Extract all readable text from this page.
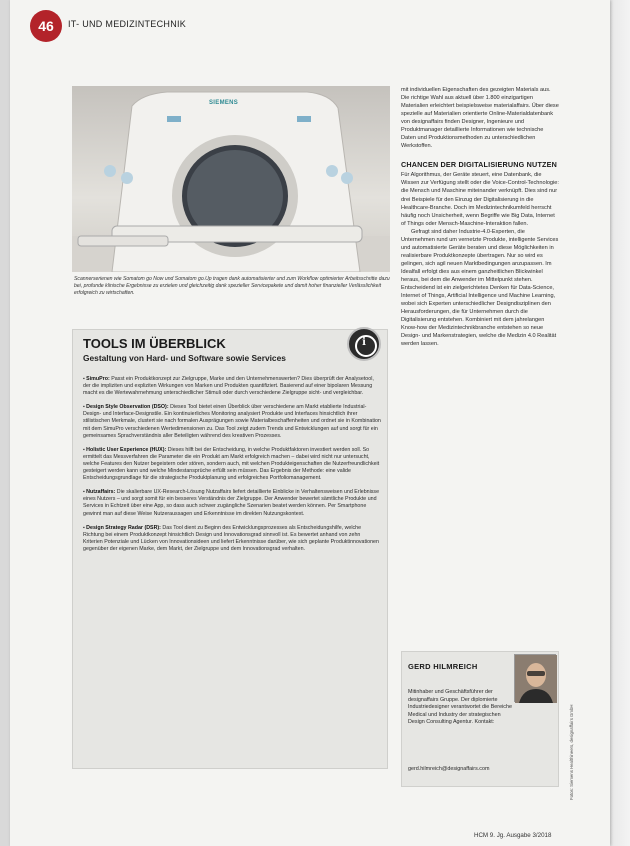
46	IT- UND MEDIZINTECHNIK
SIEMENS
Scannerserienen wie Somatom go Now und Somatom go.Up tragen dank automatisierter und zum Workflow optimierter Arbeitsschritte dazu bei, profunde klinische Ergebnisse zu erzielen und gleichzeitig dank spezieller Servicepakete und damit hoher finanzieller Verlässlichkeit erfolgreich zu wirtschaften.
TOOLS IM ÜBERBLICK
Gestaltung von Hard- und Software sowie Services
i
▪ SimuPro: Passt ein Produktkonzept zur Zielgruppe, Marke und den Unternehmenswerten? Dies überprüft der Analysetool, der die impliziten und expliziten Wirkungen von Marken und Produkten quantifiziert. Basierend auf einer bipolaren Messung macht es die Wertewahrnehmung unterschiedlicher Stimuli oder durch verschiedene Zielgruppe sicht- und vergleichbar.
▪ Design Style Observation (DSO): Dieses Tool bietet einen Überblick über verschiedene am Markt etablierte Industrial-Design- und Interface-Designstile. Ein kontinuierliches Monitoring analysiert Produkte und Interfaces hinsichtlich ihrer stilistischen Merkmale, clustert sie nach formalen Ausprägungen sowie Materialbeschaffenheiten und ordnet sie in Kombination mit dem SimuPro verschiedenen Wertedimensionen zu. Das Tool zeigt zudem Trends und Entwicklungen auf und sorgt für ein gemeinsames Sprachverständnis aller Beteiligten während des kreativen Prozesses.
▪ Holistic User Experience (HUX): Dieses hilft bei der Entscheidung, in welche Produktfaktoren investiert werden soll. So ermittelt das Messverfahren die Parameter die ein Produkt am Markt erfolgreich machen – dabei wird nicht nur untersucht, welche Features den Nutzer begeistern oder stören, sondern auch, mit welchen Produkteigenschaften die Nutzerfreundlichkeit gesteigert werden kann und welche Mindestansprüche erfüllt sein müssen. Das Ergebnis der Methode: eine valide Entscheidungsgrundlage für die strategische Produktplanung und erfolgreiches Portfoliomanagement.
▪ Nutzaffairs: Die skalierbare UX-Research-Lösung Nutzaffairs liefert detaillierte Einblicke in Verhaltensweisen und Erlebnisse eines Nutzers – und sorgt somit für ein besseres Verständnis der Zielgruppe. Der Anwender bewertet sämtliche Produkte und Services in Echtzeit über eine App, so dass auch schwer zugängliche Szenarien beatet werden können. Per Smartphone gewinnt man auf diese Weise Nutzeraussagen und Erkenntnisse im direkten Nutzungskontext.
▪ Design Strategy Radar (DSR): Das Tool dient zu Beginn des Entwicklungsprozesses als Entscheidungshilfe, welche Richtung bei einem Produktkonzept hinsichtlich Design und Innovationsgrad sinnvoll ist. Es bewertet anhand von zehn Kriterien Potenziale und Lücken von Innovationsideen und liefert Erkenntnisse darüber, wie sich geplante Produktinnovationen gegenüber der eigenen Marke, dem Markt, der Zielgruppe und dem Innovationsgrad verhalten.

mit individuellen Eigenschaften des gezeigten Materials aus. Die richtige Wahl aus aktuell über 1.800 einzigartigen Materialien erleichtert beispielsweise materialaffairs. Über diese spezielle auf Materialien orientierte Online-Materialdatenbank von designaffairs finden Designer, Ingenieure und Produktmanager detaillierte Informationen wie technische Daten und Produktionsmethoden zu unterschiedlichen Werkstoffen.

CHANCEN DER DIGITALISIERUNG NUTZEN

Für Algorithmus, der Geräte steuert, eine Datenbank, die Wissen zur Verfügung stellt oder die Voice-Control-Technologie: die Mensch und Maschine miteinander verknüpft. Dies sind nur drei Beispiele für den Einzug der Digitalisierung in die Healthcare-Branche. Doch im Medizintechnikumfeld herrscht häufig noch Unsicherheit, wenn Begriffe wie Big Data, Internet of Things oder Mensch-Maschine-Interaktion fallen.

Gefragt sind daher Industrie-4.0-Experten, die Unternehmen rund um vernetzte Produkte, intelligente Services und automatisierte Geräte beraten und diese Möglichkeiten in realisierbare Produktkonzepte übertragen. Nur so wird es gelingen, sich agil neuen Marktbedingungen anzupassen. Im Idealfall erfolgt dies aus einem ganzheitlichen Blickwinkel heraus, bei dem die Anwender im Mittelpunkt stehen. Entscheidend ist ein zielgerichtetes Denken für Data-Science, Internet of Things, Artificial Intelligence und Machine Learning, wobei sich Experten unterschiedlicher Designdisziplinen den Herausforderungen, die für Unternehmen durch die Digitalisierung entstehen. Kombiniert mit dem jahrelangen Know-how der Medizintechnikbranche entstehen so neue Design- und Markenstrategien, welche die Medizin 4.0 Realität werden lassen.

GERD HILMREICH
Mitinhaber und Geschäftsführer der designaffairs Gruppe. Der diplomierte Industriedesigner verantwortet die Bereiche Medical und Industry der strategischen Design Consulting Agentur. Kontakt:
gerd.hilmreich@designaffairs.com	Fotos: Siemens Healthineers, designaffairs GmbH
HCM 9. Jg. Ausgabe 3/2018
